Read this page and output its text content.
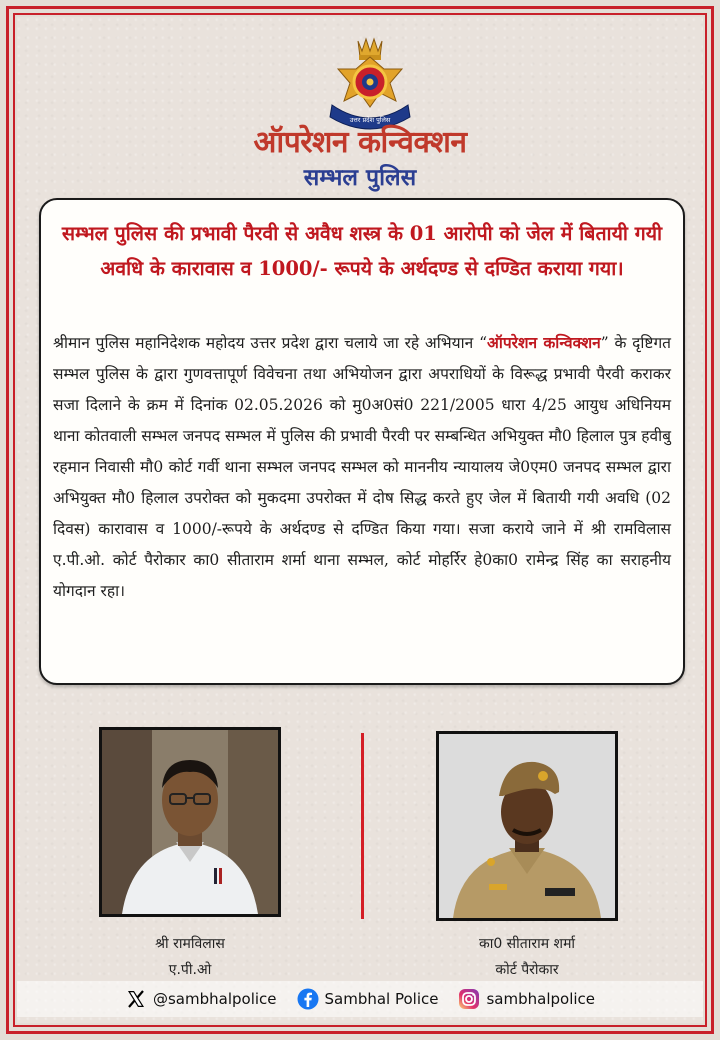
उत्तर प्रदेश पुलिस
ऑपरेशन कन्विक्शन
सम्भल पुलिस
सम्भल पुलिस की प्रभावी पैरवी से अवैध शस्त्र के 01 आरोपी को जेल में बितायी गयी अवधि के कारावास व 1000/- रूपये के अर्थदण्ड से दण्डित कराया गया।
श्रीमान पुलिस महानिदेशक महोदय उत्तर प्रदेश द्वारा चलाये जा रहे अभियान “ऑपरेशन कन्विक्शन” के दृष्टिगत सम्भल पुलिस के द्वारा गुणवत्तापूर्ण विवेचना तथा अभियोजन द्वारा अपराधियों के विरूद्ध प्रभावी पैरवी कराकर सजा दिलाने के क्रम में दिनांक 02.05.2026 को मु0अ0सं0 221/2005 धारा 4/25 आयुध अधिनियम थाना कोतवाली सम्भल जनपद सम्भल में पुलिस की प्रभावी पैरवी पर सम्बन्धित अभियुक्त मौ0 हिलाल पुत्र हवीबु रहमान निवासी मौ0 कोर्ट गर्वी थाना सम्भल जनपद सम्भल को माननीय न्यायालय जे0एम0 जनपद सम्भल द्वारा अभियुक्त मौ0 हिलाल उपरोक्त को मुकदमा उपरोक्त में दोष सिद्ध करते हुए जेल में बितायी गयी अवधि (02 दिवस) कारावास व 1000/-रूपये के अर्थदण्ड से दण्डित किया गया। सजा कराये जाने में श्री रामविलास ए.पी.ओ. कोर्ट पैरोकार का0 सीताराम शर्मा थाना सम्भल, कोर्ट मोहर्रिर हे0का0 रामेन्द्र सिंह का सराहनीय योगदान रहा।
श्री रामविलास
ए.पी.ओ
का0 सीताराम शर्मा
कोर्ट पैरोकार
@sambhalpolice	Sambhal Police	sambhalpolice
